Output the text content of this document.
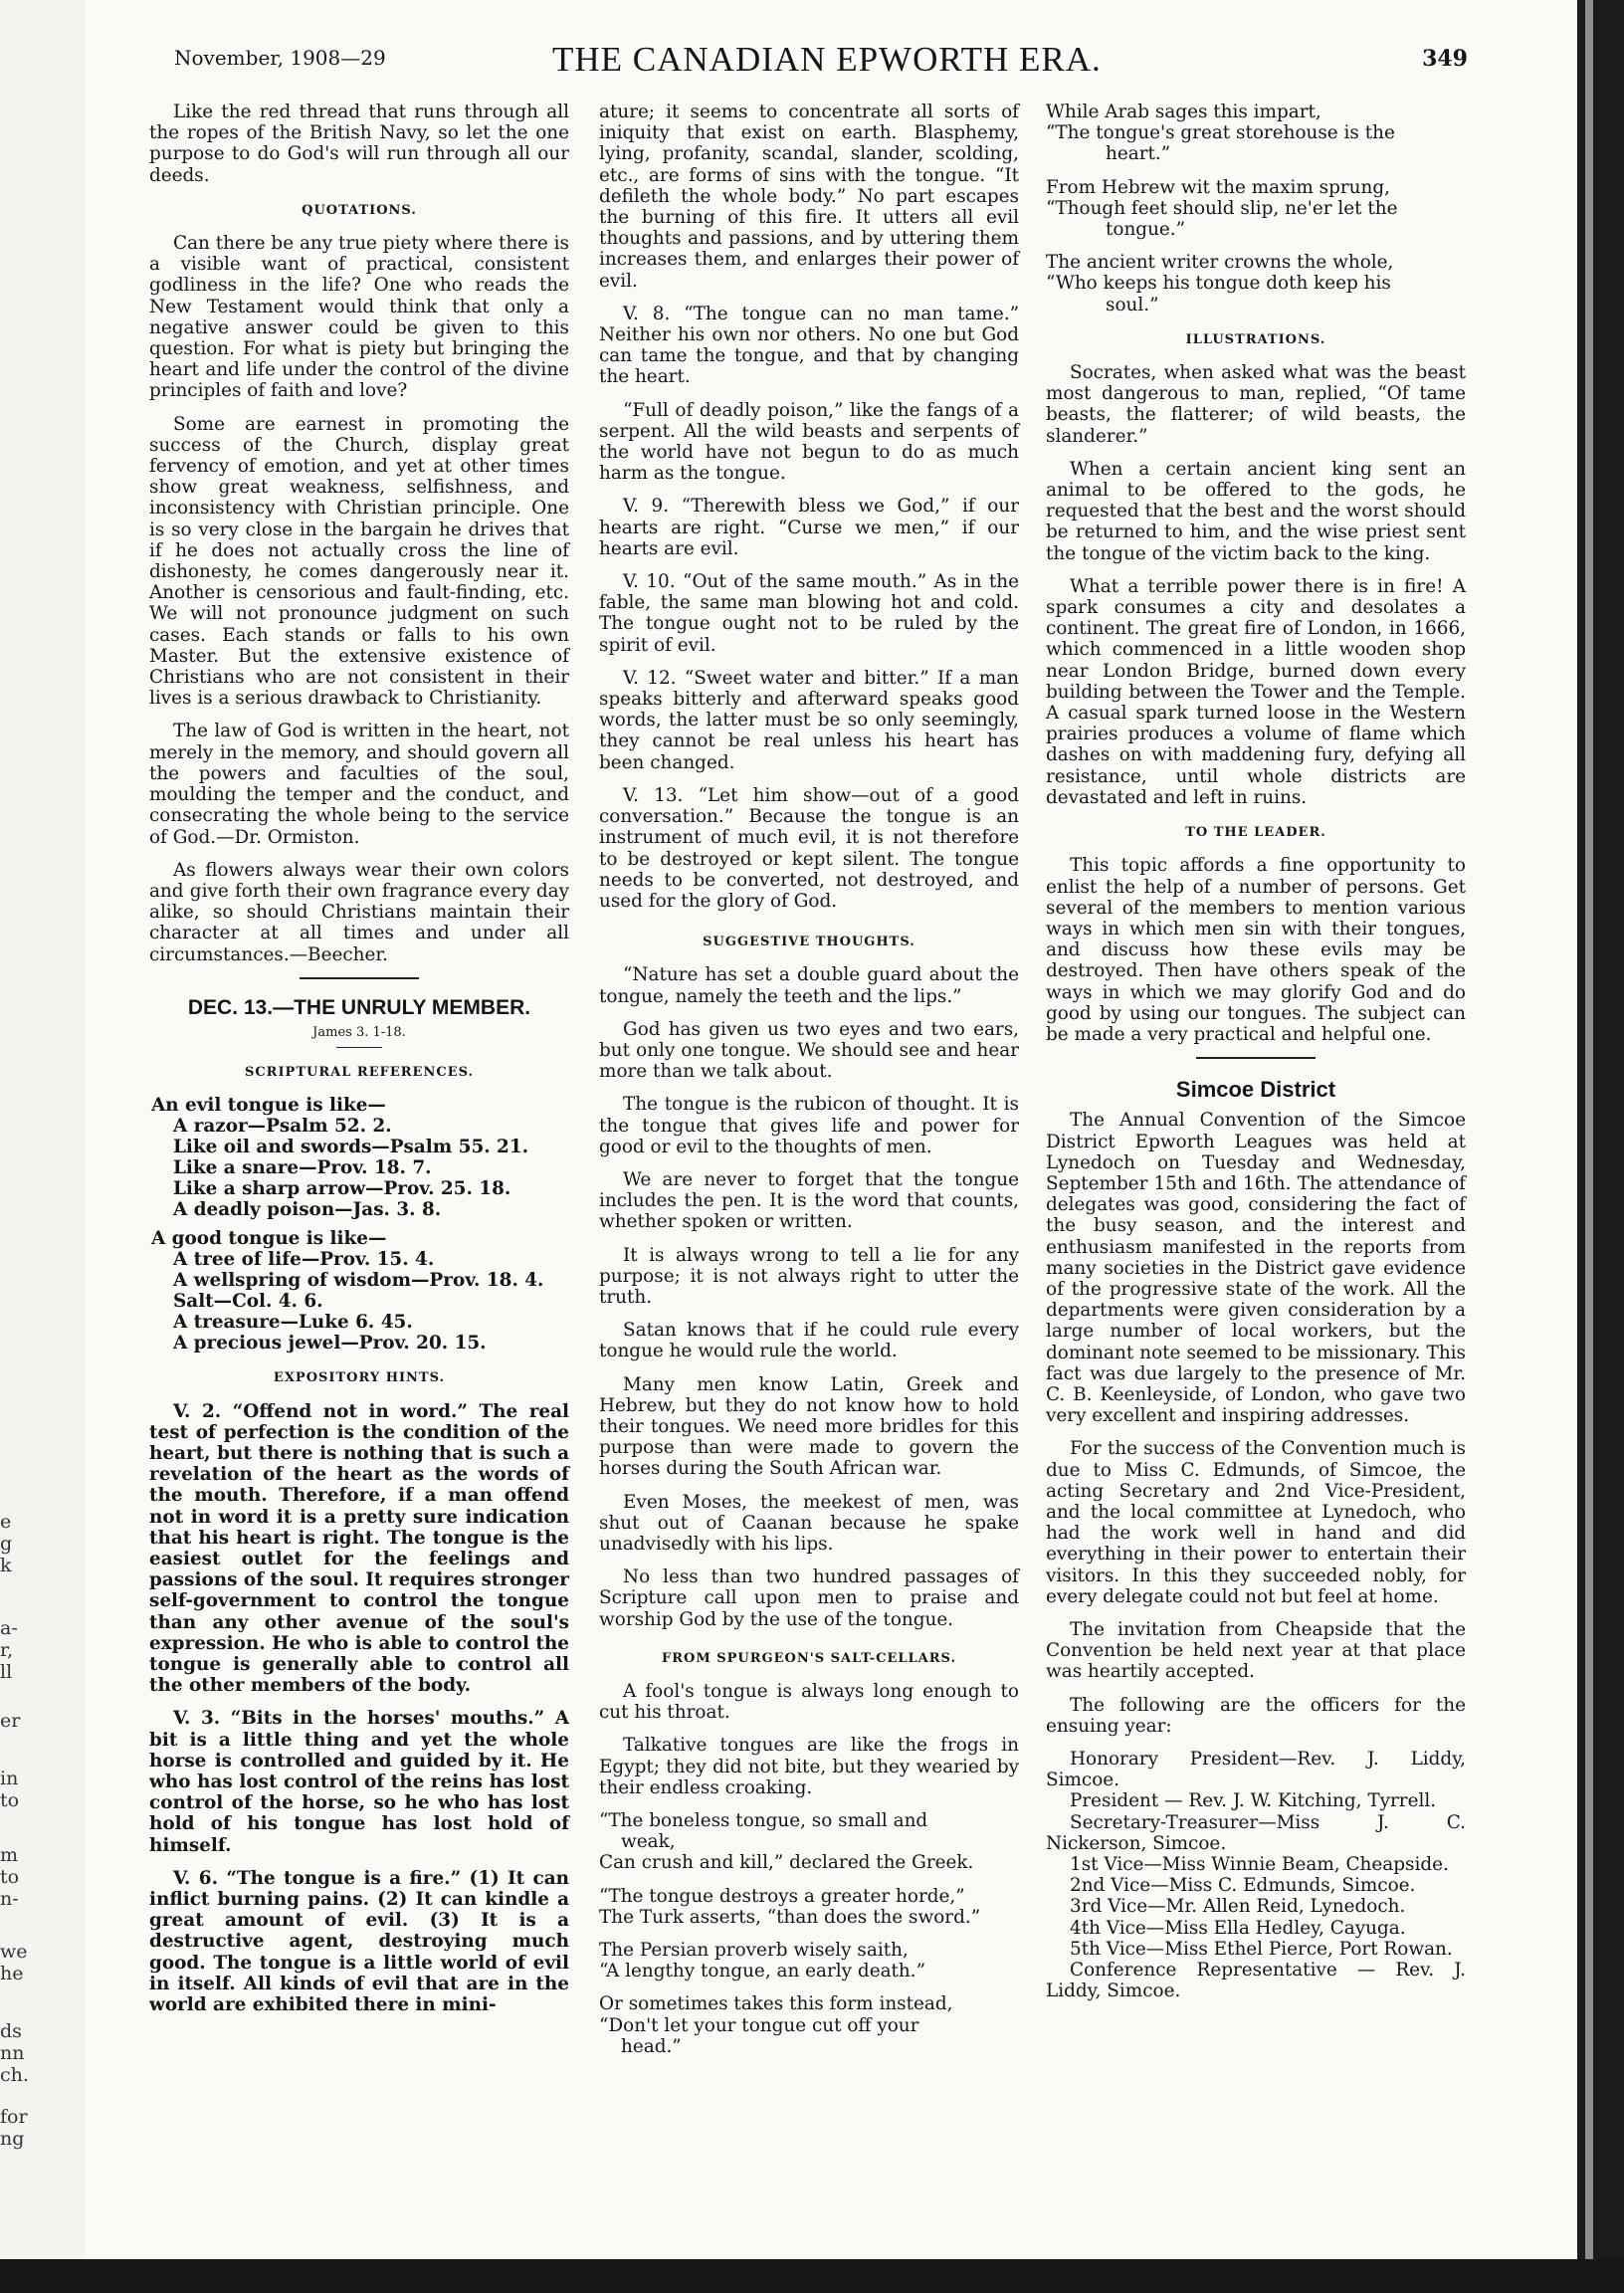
e
g
k
a-
r,
ll
er
in
to
m
to
n-
we
he
ds
nn
ch.
for
ng
November, 1908—29	THE CANADIAN EPWORTH ERA.	349

Like the red thread that runs through all the ropes of the British Navy, so let the one purpose to do God's will run through all our deeds.

QUOTATIONS.

Can there be any true piety where there is a visible want of practical, consistent godliness in the life? One who reads the New Testament would think that only a negative answer could be given to this question. For what is piety but bringing the heart and life under the control of the divine principles of faith and love?

Some are earnest in promoting the success of the Church, display great fervency of emotion, and yet at other times show great weakness, selfishness, and inconsistency with Christian principle. One is so very close in the bargain he drives that if he does not actually cross the line of dishonesty, he comes dangerously near it. Another is censorious and fault-finding, etc. We will not pronounce judgment on such cases. Each stands or falls to his own Master. But the extensive existence of Christians who are not consistent in their lives is a serious drawback to Christianity.

The law of God is written in the heart, not merely in the memory, and should govern all the powers and faculties of the soul, moulding the temper and the conduct, and consecrating the whole being to the service of God.—Dr. Ormiston.

As flowers always wear their own colors and give forth their own fragrance every day alike, so should Christians maintain their character at all times and under all circumstances.—Beecher.

DEC. 13.—THE UNRULY MEMBER.
James 3. 1-18.
SCRIPTURAL REFERENCES.
An evil tongue is like—
A razor—Psalm 52. 2.
Like oil and swords—Psalm 55. 21.
Like a snare—Prov. 18. 7.
Like a sharp arrow—Prov. 25. 18.
A deadly poison—Jas. 3. 8.
A good tongue is like—
A tree of life—Prov. 15. 4.
A wellspring of wisdom—Prov. 18. 4.
Salt—Col. 4. 6.
A treasure—Luke 6. 45.
A precious jewel—Prov. 20. 15.
EXPOSITORY HINTS.

V. 2. “Offend not in word.” The real test of perfection is the condition of the heart, but there is nothing that is such a revelation of the heart as the words of the mouth. Therefore, if a man offend not in word it is a pretty sure indication that his heart is right. The tongue is the easiest outlet for the feelings and passions of the soul. It requires stronger self-government to control the tongue than any other avenue of the soul's expression. He who is able to control the tongue is generally able to control all the other members of the body.

V. 3. “Bits in the horses' mouths.” A bit is a little thing and yet the whole horse is controlled and guided by it. He who has lost control of the reins has lost control of the horse, so he who has lost hold of his tongue has lost hold of himself.

V. 6. “The tongue is a fire.” (1) It can inflict burning pains. (2) It can kindle a great amount of evil. (3) It is a destructive agent, destroying much good. The tongue is a little world of evil in itself. All kinds of evil that are in the world are exhibited there in mini-

ature; it seems to concentrate all sorts of iniquity that exist on earth. Blasphemy, lying, profanity, scandal, slander, scolding, etc., are forms of sins with the tongue. “It defileth the whole body.” No part escapes the burning of this fire. It utters all evil thoughts and passions, and by uttering them increases them, and enlarges their power of evil.

V. 8. “The tongue can no man tame.” Neither his own nor others. No one but God can tame the tongue, and that by changing the heart.

“Full of deadly poison,” like the fangs of a serpent. All the wild beasts and serpents of the world have not begun to do as much harm as the tongue.

V. 9. “Therewith bless we God,” if our hearts are right. “Curse we men,” if our hearts are evil.

V. 10. “Out of the same mouth.” As in the fable, the same man blowing hot and cold. The tongue ought not to be ruled by the spirit of evil.

V. 12. “Sweet water and bitter.” If a man speaks bitterly and afterward speaks good words, the latter must be so only seemingly, they cannot be real unless his heart has been changed.

V. 13. “Let him show—out of a good conversation.” Because the tongue is an instrument of much evil, it is not therefore to be destroyed or kept silent. The tongue needs to be converted, not destroyed, and used for the glory of God.

SUGGESTIVE THOUGHTS.

“Nature has set a double guard about the tongue, namely the teeth and the lips.”

God has given us two eyes and two ears, but only one tongue. We should see and hear more than we talk about.

The tongue is the rubicon of thought. It is the tongue that gives life and power for good or evil to the thoughts of men.

We are never to forget that the tongue includes the pen. It is the word that counts, whether spoken or written.

It is always wrong to tell a lie for any purpose; it is not always right to utter the truth.

Satan knows that if he could rule every tongue he would rule the world.

Many men know Latin, Greek and Hebrew, but they do not know how to hold their tongues. We need more bridles for this purpose than were made to govern the horses during the South African war.

Even Moses, the meekest of men, was shut out of Caanan because he spake unadvisedly with his lips.

No less than two hundred passages of Scripture call upon men to praise and worship God by the use of the tongue.

FROM SPURGEON'S SALT-CELLARS.

A fool's tongue is always long enough to cut his throat.

Talkative tongues are like the frogs in Egypt; they did not bite, but they wearied by their endless croaking.

“The boneless tongue, so small and
weak,
Can crush and kill,” declared the Greek.
“The tongue destroys a greater horde,”
The Turk asserts, “than does the sword.”
The Persian proverb wisely saith,
“A lengthy tongue, an early death.”
Or sometimes takes this form instead,
“Don't let your tongue cut off your
head.”
While Arab sages this impart,
“The tongue's great storehouse is the
heart.”
From Hebrew wit the maxim sprung,
“Though feet should slip, ne'er let the
tongue.”
The ancient writer crowns the whole,
“Who keeps his tongue doth keep his
soul.”
ILLUSTRATIONS.

Socrates, when asked what was the beast most dangerous to man, replied, “Of tame beasts, the flatterer; of wild beasts, the slanderer.”

When a certain ancient king sent an animal to be offered to the gods, he requested that the best and the worst should be returned to him, and the wise priest sent the tongue of the victim back to the king.

What a terrible power there is in fire! A spark consumes a city and desolates a continent. The great fire of London, in 1666, which commenced in a little wooden shop near London Bridge, burned down every building between the Tower and the Temple. A casual spark turned loose in the Western prairies produces a volume of flame which dashes on with maddening fury, defying all resistance, until whole districts are devastated and left in ruins.

TO THE LEADER.

This topic affords a fine opportunity to enlist the help of a number of persons. Get several of the members to mention various ways in which men sin with their tongues, and discuss how these evils may be destroyed. Then have others speak of the ways in which we may glorify God and do good by using our tongues. The subject can be made a very practical and helpful one.

Simcoe District

The Annual Convention of the Simcoe District Epworth Leagues was held at Lynedoch on Tuesday and Wednesday, September 15th and 16th. The attendance of delegates was good, considering the fact of the busy season, and the interest and enthusiasm manifested in the reports from many societies in the District gave evidence of the progressive state of the work. All the departments were given consideration by a large number of local workers, but the dominant note seemed to be missionary. This fact was due largely to the presence of Mr. C. B. Keenleyside, of London, who gave two very excellent and inspiring addresses.

For the success of the Convention much is due to Miss C. Edmunds, of Simcoe, the acting Secretary and 2nd Vice-President, and the local committee at Lynedoch, who had the work well in hand and did everything in their power to entertain their visitors. In this they succeeded nobly, for every delegate could not but feel at home.

The invitation from Cheapside that the Convention be held next year at that place was heartily accepted.

The following are the officers for the ensuing year:

Honorary President—Rev. J. Liddy, Simcoe.
President — Rev. J. W. Kitching, Tyrrell.
Secretary-Treasurer—Miss J. C. Nickerson, Simcoe.
1st Vice—Miss Winnie Beam, Cheapside.
2nd Vice—Miss C. Edmunds, Simcoe.
3rd Vice—Mr. Allen Reid, Lynedoch.
4th Vice—Miss Ella Hedley, Cayuga.
5th Vice—Miss Ethel Pierce, Port Rowan.
Conference Representative — Rev. J. Liddy, Simcoe.
